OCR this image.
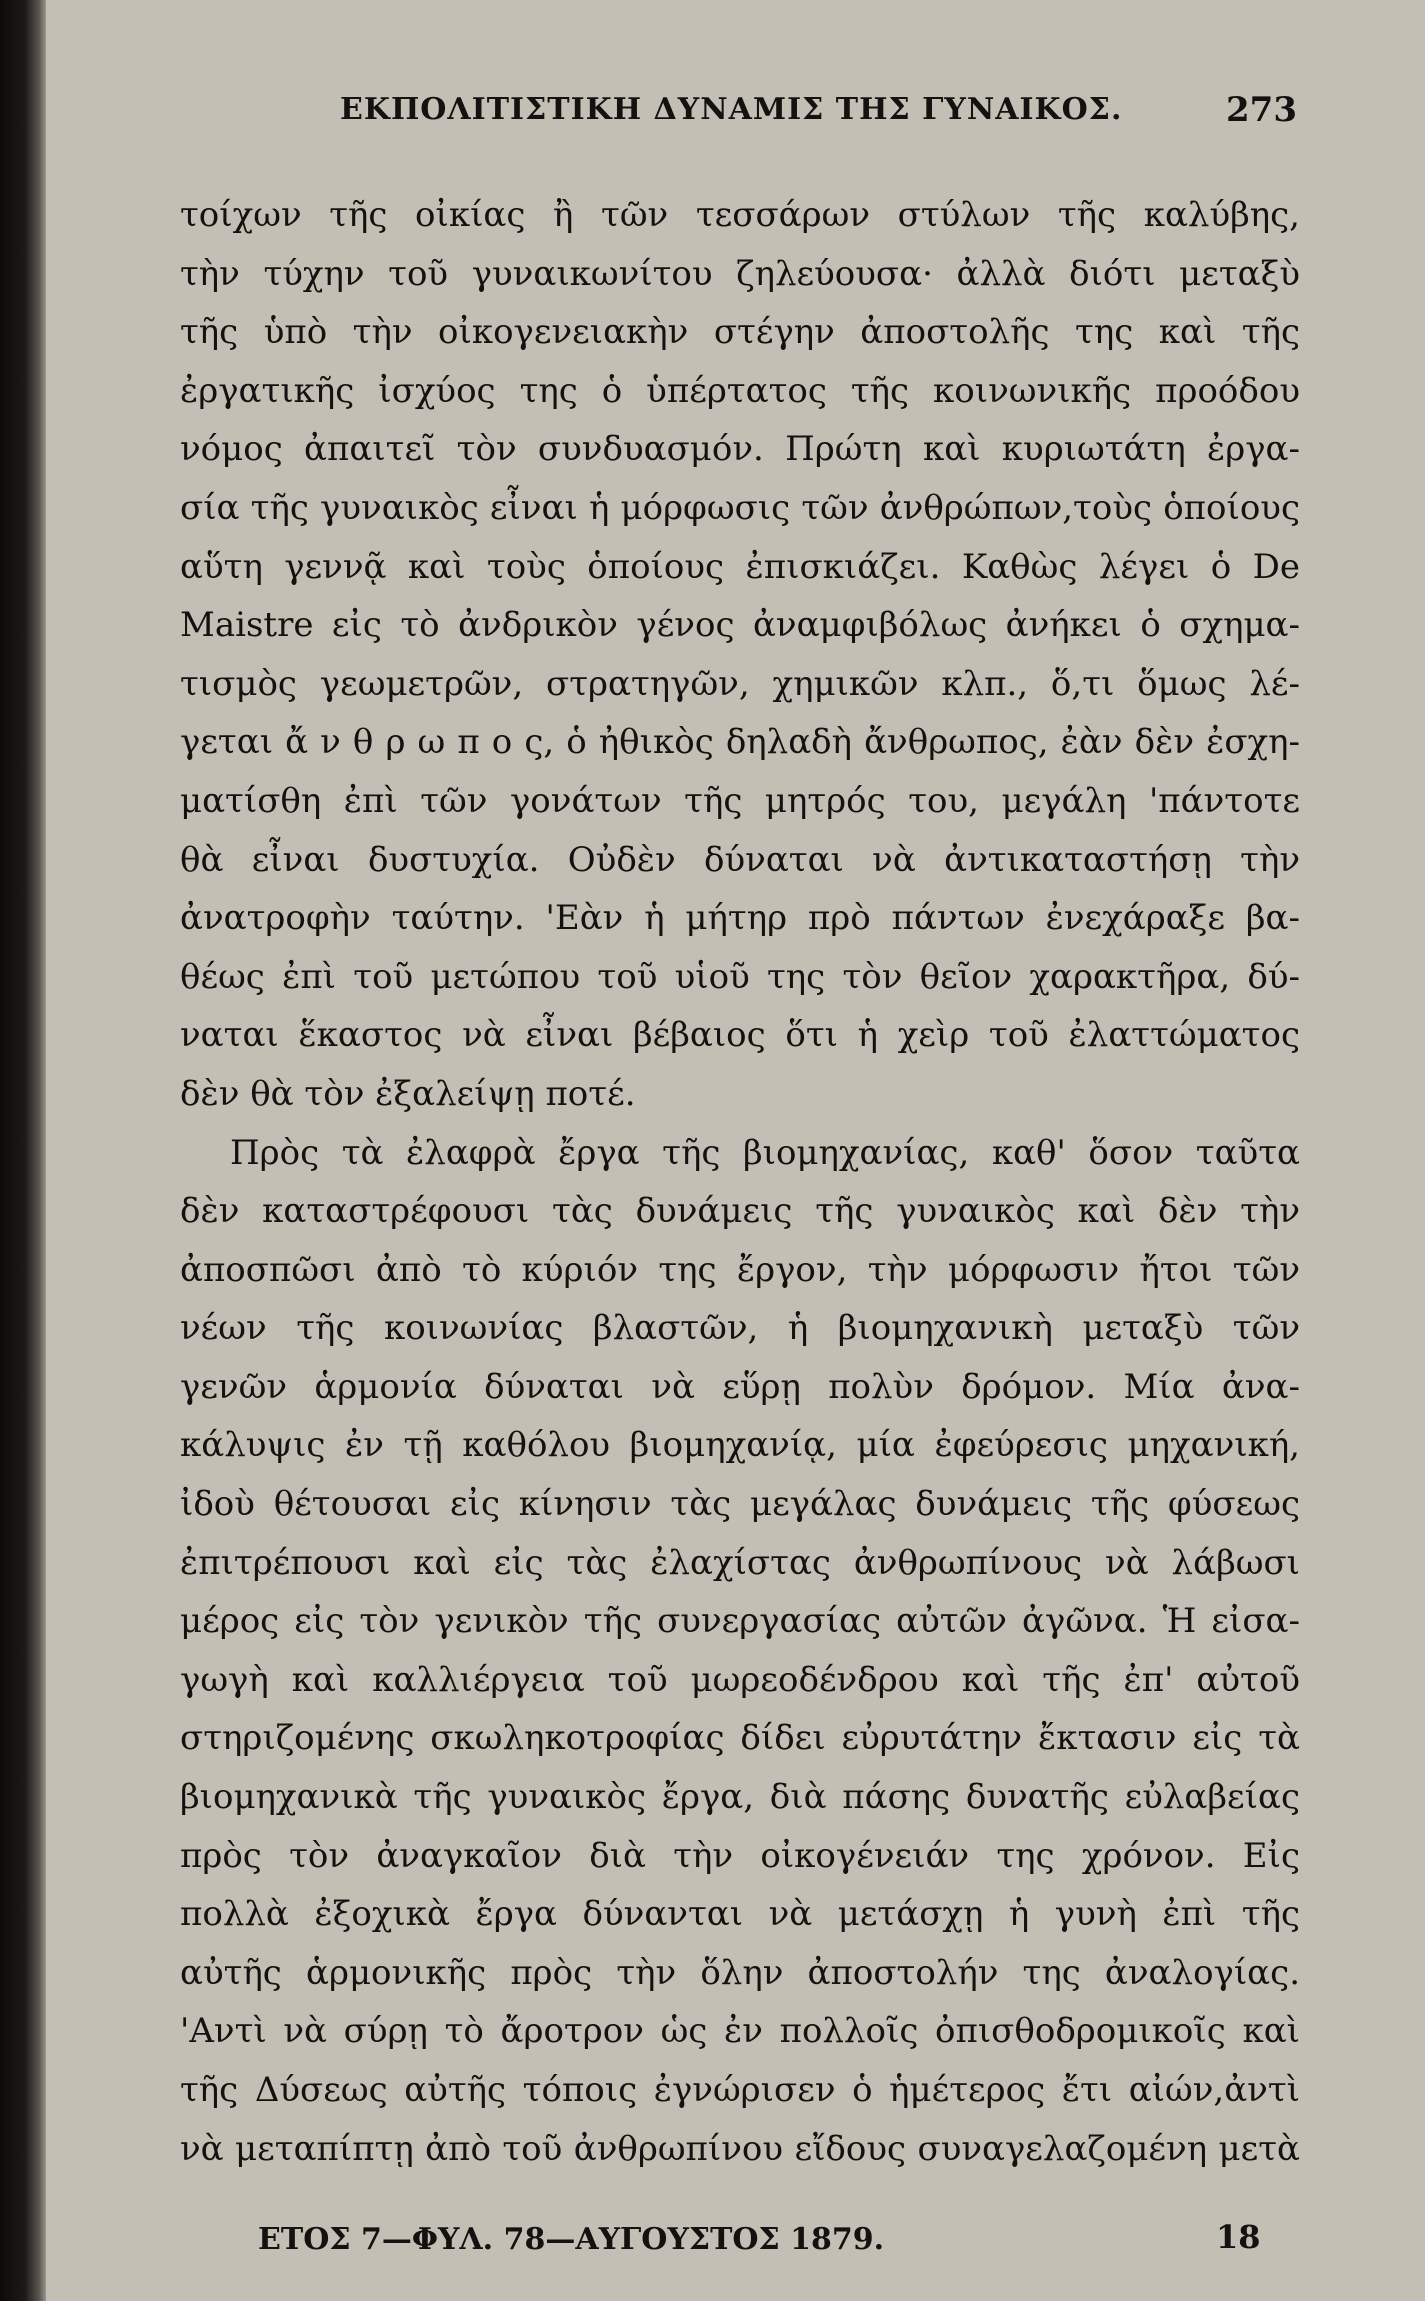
ΕΚΠΟΛΙΤΙΣΤΙΚΗ ΔΥΝΑΜΙΣ ΤΗΣ ΓΥΝΑΙΚΟΣ.	273
τοίχων τῆς οἰκίας ἢ τῶν τεσσάρων στύλων τῆς καλύβης,
τὴν τύχην τοῦ γυναικωνίτου ζηλεύουσα· ἀλλὰ διότι μεταξὺ
τῆς ὑπὸ τὴν οἰκογενειακὴν στέγην ἀποστολῆς της καὶ τῆς
ἐργατικῆς ἰσχύος της ὁ ὑπέρτατος τῆς κοινωνικῆς προόδου
νόμος ἀπαιτεῖ τὸν συνδυασμόν. Πρώτη καὶ κυριωτάτη ἐργα-
σία τῆς γυναικὸς εἶναι ἡ μόρφωσις τῶν ἀνθρώπων,τοὺς ὁποίους
αὕτη γεννᾷ καὶ τοὺς ὁποίους ἐπισκιάζει. Καθὼς λέγει ὁ De
Maistre εἰς τὸ ἀνδρικὸν γένος ἀναμφιβόλως ἀνήκει ὁ σχημα-
τισμὸς γεωμετρῶν, στρατηγῶν, χημικῶν κλπ., ὅ,τι ὅμως λέ-
γεται ἄ ν θ ρ ω π ο ς, ὁ ἠθικὸς δηλαδὴ ἄνθρωπος, ἐὰν δὲν ἐσχη-
ματίσθη ἐπὶ τῶν γονάτων τῆς μητρός του, μεγάλη 'πάντοτε
θὰ εἶναι δυστυχία. Οὐδὲν δύναται νὰ ἀντικαταστήσῃ τὴν
ἀνατροφὴν ταύτην. 'Εὰν ἡ μήτηρ πρὸ πάντων ἐνεχάραξε βα-
θέως ἐπὶ τοῦ μετώπου τοῦ υἱοῦ της τὸν θεῖον χαρακτῆρα, δύ-
ναται ἕκαστος νὰ εἶναι βέβαιος ὅτι ἡ χεὶρ τοῦ ἐλαττώματος
δὲν θὰ τὸν ἐξαλείψῃ ποτέ.
Πρὸς τὰ ἐλαφρὰ ἔργα τῆς βιομηχανίας, καθ' ὅσον ταῦτα
δὲν καταστρέφουσι τὰς δυνάμεις τῆς γυναικὸς καὶ δὲν τὴν
ἀποσπῶσι ἀπὸ τὸ κύριόν της ἔργον, τὴν μόρφωσιν ἤτοι τῶν
νέων τῆς κοινωνίας βλαστῶν, ἡ βιομηχανικὴ μεταξὺ τῶν
γενῶν ἁρμονία δύναται νὰ εὕρῃ πολὺν δρόμον. Μία ἀνα-
κάλυψις ἐν τῇ καθόλου βιομηχανίᾳ, μία ἐφεύρεσις μηχανική,
ἰδοὺ θέτουσαι εἰς κίνησιν τὰς μεγάλας δυνάμεις τῆς φύσεως
ἐπιτρέπουσι καὶ εἰς τὰς ἐλαχίστας ἀνθρωπίνους νὰ λάβωσι
μέρος εἰς τὸν γενικὸν τῆς συνεργασίας αὐτῶν ἀγῶνα. Ἡ εἰσα-
γωγὴ καὶ καλλιέργεια τοῦ μωρεοδένδρου καὶ τῆς ἐπ' αὐτοῦ
στηριζομένης σκωληκοτροφίας δίδει εὐρυτάτην ἔκτασιν εἰς τὰ
βιομηχανικὰ τῆς γυναικὸς ἔργα, διὰ πάσης δυνατῆς εὐλαβείας
πρὸς τὸν ἀναγκαῖον διὰ τὴν οἰκογένειάν της χρόνον. Εἰς
πολλὰ ἐξοχικὰ ἔργα δύνανται νὰ μετάσχῃ ἡ γυνὴ ἐπὶ τῆς
αὐτῆς ἁρμονικῆς πρὸς τὴν ὅλην ἀποστολήν της ἀναλογίας.
'Αντὶ νὰ σύρῃ τὸ ἄροτρον ὡς ἐν πολλοῖς ὀπισθοδρομικοῖς καὶ
τῆς Δύσεως αὐτῆς τόποις ἐγνώρισεν ὁ ἡμέτερος ἔτι αἰών,ἀντὶ
νὰ μεταπίπτῃ ἀπὸ τοῦ ἀνθρωπίνου εἴδους συναγελαζομένη μετὰ
ΕΤΟΣ 7—ΦΥΛ. 78—ΑΥΓΟΥΣΤΟΣ 1879.	18
